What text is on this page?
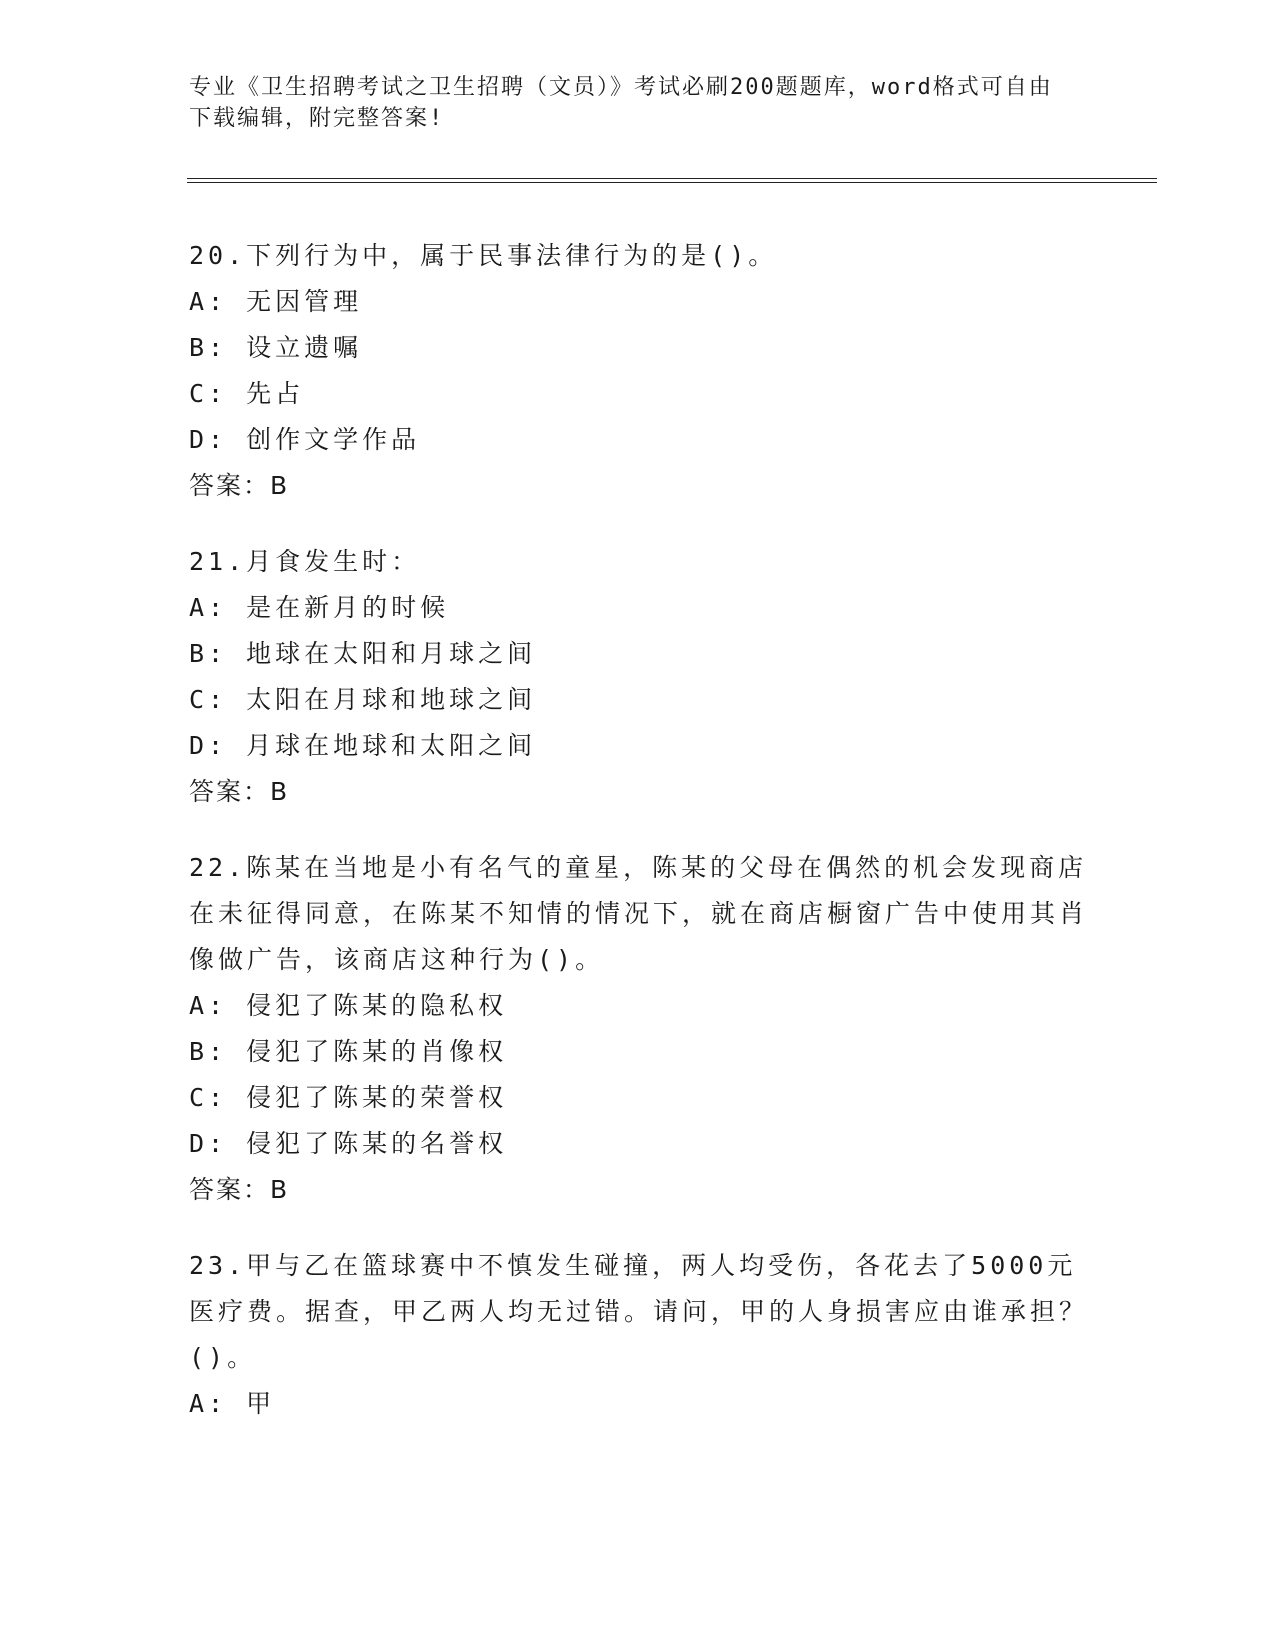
专业《卫生招聘考试之卫生招聘（文员）》考试必刷200题题库，word格式可自由下载编辑，附完整答案!

20.下列行为中，属于民事法律行为的是()。

A: 无因管理

B: 设立遗嘱

C: 先占

D: 创作文学作品

答案：B

21.月食发生时：

A: 是在新月的时候

B: 地球在太阳和月球之间

C: 太阳在月球和地球之间

D: 月球在地球和太阳之间

答案：B

22.陈某在当地是小有名气的童星，陈某的父母在偶然的机会发现商店在未征得同意，在陈某不知情的情况下，就在商店橱窗广告中使用其肖像做广告，该商店这种行为()。

A: 侵犯了陈某的隐私权

B: 侵犯了陈某的肖像权

C: 侵犯了陈某的荣誉权

D: 侵犯了陈某的名誉权

答案：B

23.甲与乙在篮球赛中不慎发生碰撞，两人均受伤，各花去了5000元医疗费。据查，甲乙两人均无过错。请问，甲的人身损害应由谁承担？()。

A: 甲
